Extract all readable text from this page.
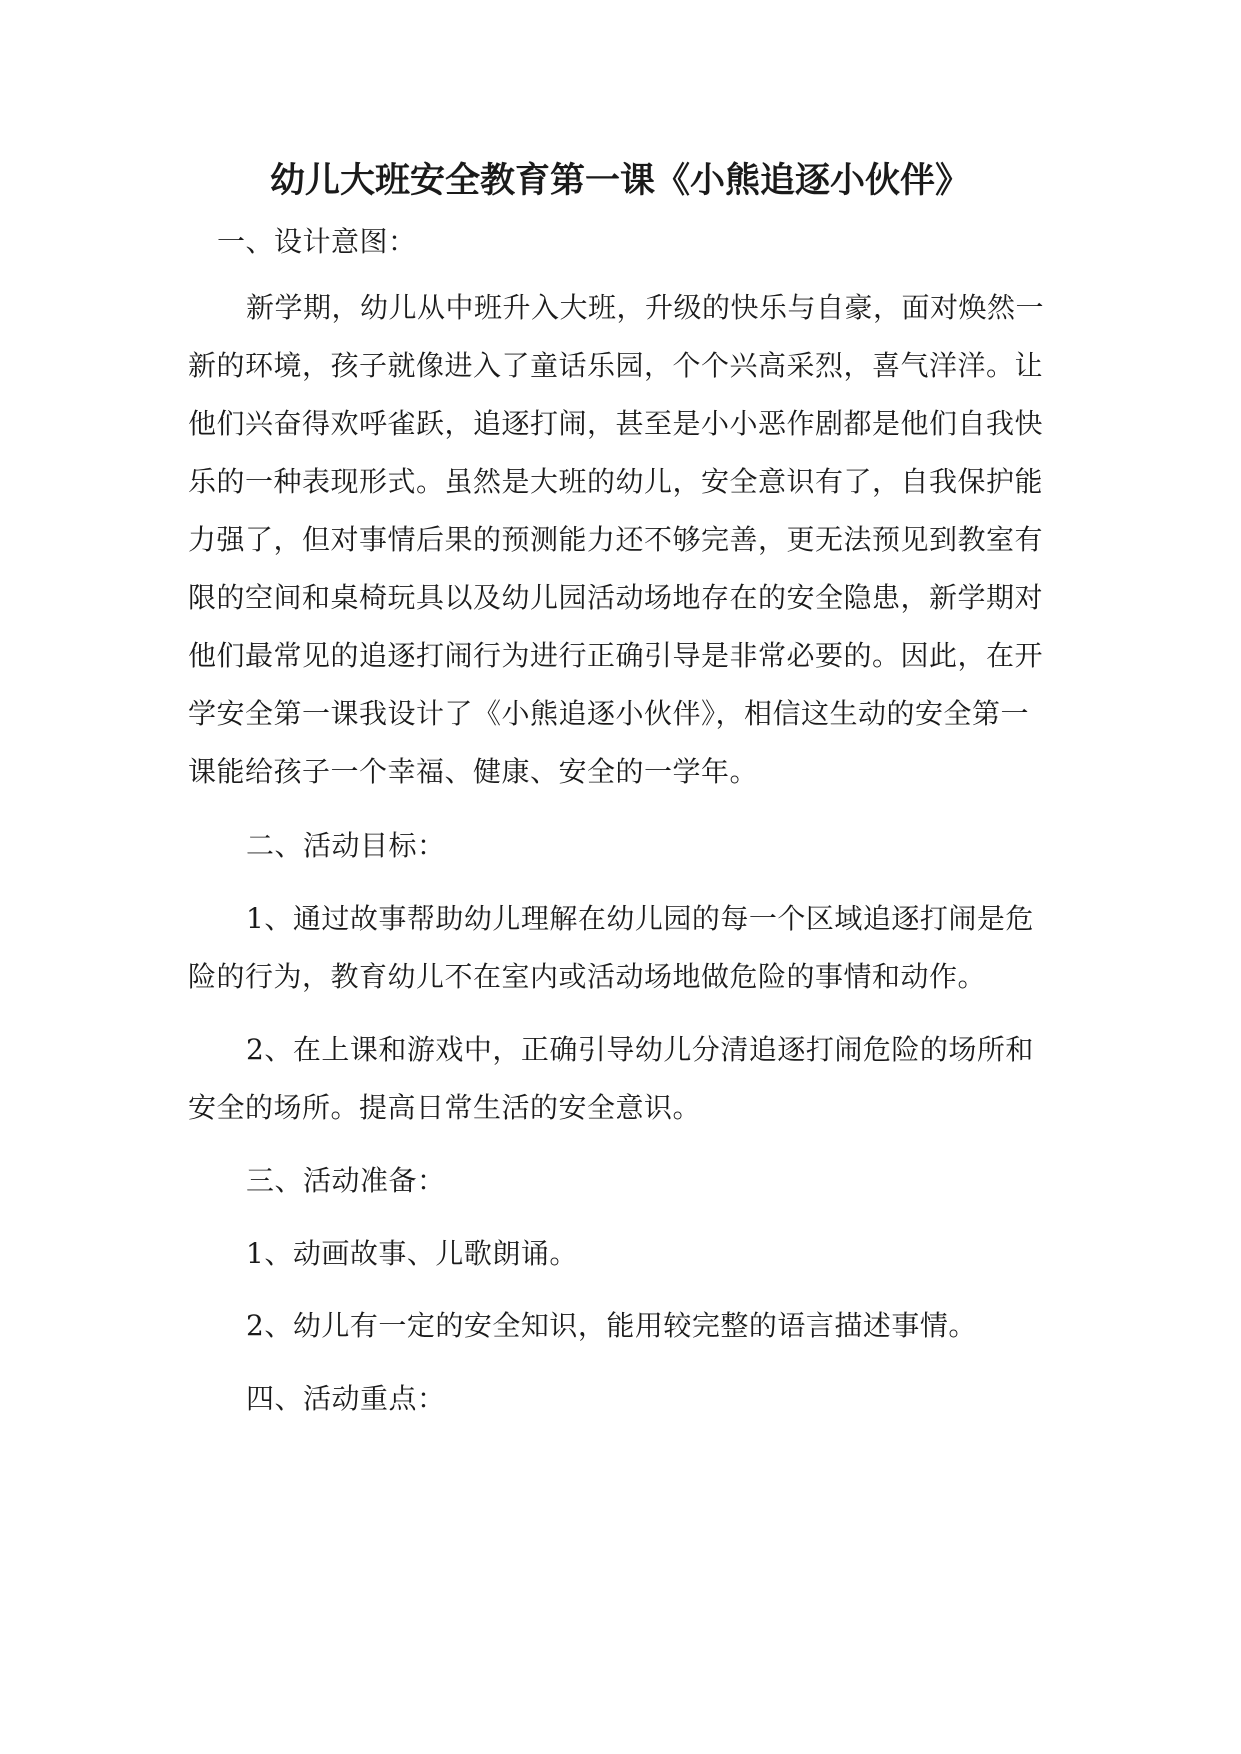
幼儿大班安全教育第一课《小熊追逐小伙伴》
一、设计意图：
新学期，幼儿从中班升入大班，升级的快乐与自豪，面对焕然一
新的环境，孩子就像进入了童话乐园，个个兴高采烈，喜气洋洋。让
他们兴奋得欢呼雀跃，追逐打闹，甚至是小小恶作剧都是他们自我快
乐的一种表现形式。虽然是大班的幼儿，安全意识有了，自我保护能
力强了，但对事情后果的预测能力还不够完善，更无法预见到教室有
限的空间和桌椅玩具以及幼儿园活动场地存在的安全隐患，新学期对
他们最常见的追逐打闹行为进行正确引导是非常必要的。因此，在开
学安全第一课我设计了《小熊追逐小伙伴》，相信这生动的安全第一
课能给孩子一个幸福、健康、安全的一学年。
二、活动目标：
1、通过故事帮助幼儿理解在幼儿园的每一个区域追逐打闹是危
险的行为，教育幼儿不在室内或活动场地做危险的事情和动作。
2、在上课和游戏中，正确引导幼儿分清追逐打闹危险的场所和
安全的场所。提高日常生活的安全意识。
三、活动准备：
1、动画故事、儿歌朗诵。
2、幼儿有一定的安全知识，能用较完整的语言描述事情。
四、活动重点：
